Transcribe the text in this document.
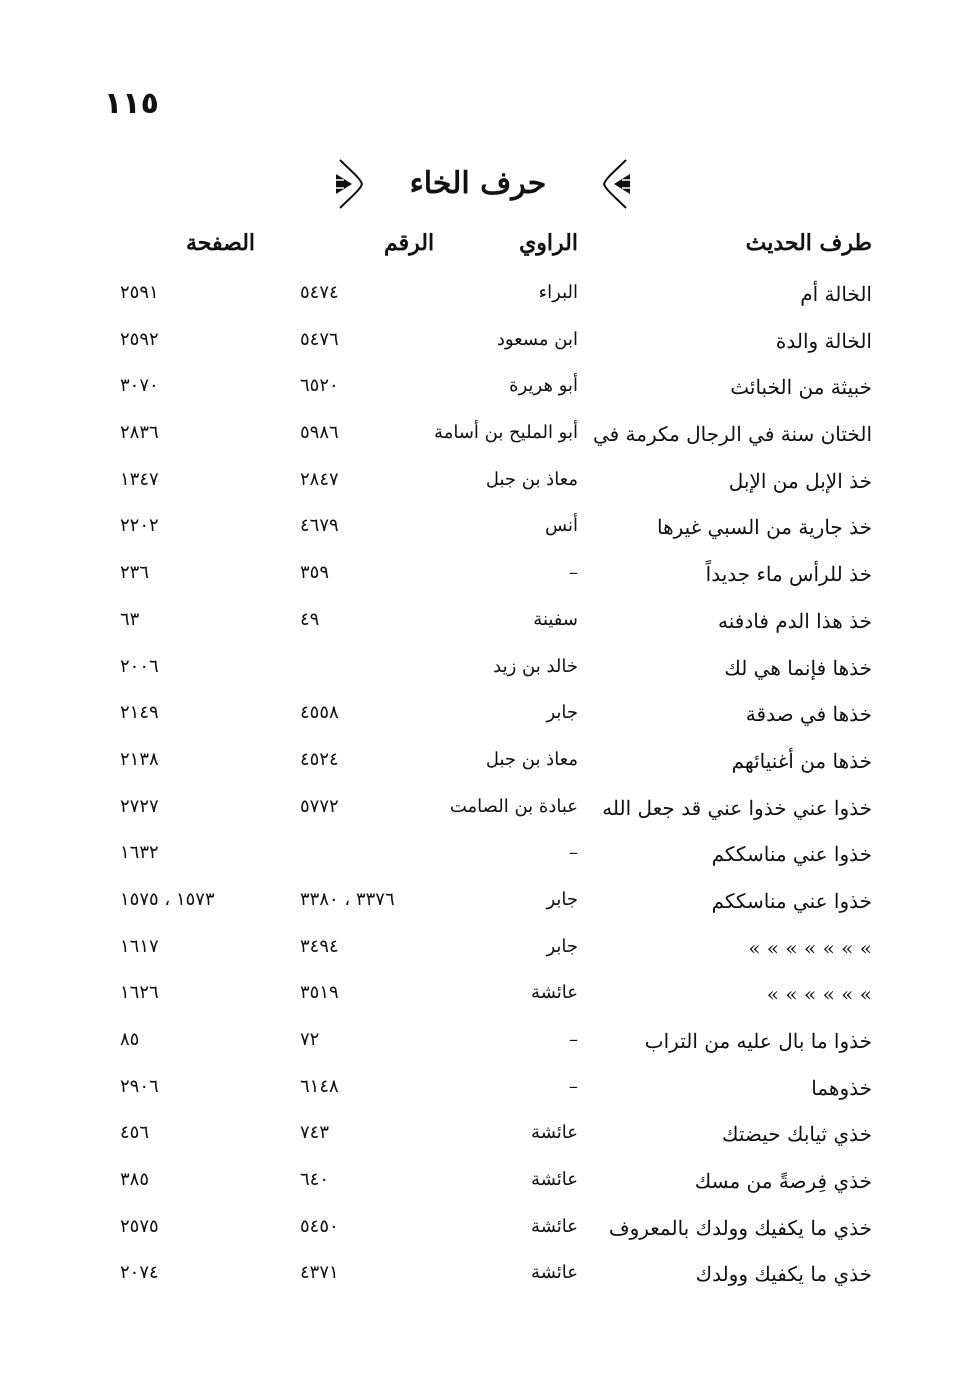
١١٥
حرف الخاء
طرف الحديث
الراوي
الرقم
الصفحة
الخالة أم
البراء
٥٤٧٤
٢٥٩١
الخالة والدة
ابن مسعود
٥٤٧٦
٢٥٩٢
خبيثة من الخبائث
أبو هريرة
٦٥٢٠
٣٠٧٠
الختان سنة في الرجال مكرمة في
أبو المليح بن أسامة
٥٩٨٦
٢٨٣٦
خذ الإبل من الإبل
معاذ بن جبل
٢٨٤٧
١٣٤٧
خذ جارية من السبي غيرها
أنس
٤٦٧٩
٢٢٠٢
خذ للرأس ماء جديداً
–
٣٥٩
٢٣٦
خذ هذا الدم فادفنه
سفينة
٤٩
٦٣
خذها فإنما هي لك
خالد بن زيد
٢٠٠٦
خذها في صدقة
جابر
٤٥٥٨
٢١٤٩
خذها من أغنيائهم
معاذ بن جبل
٤٥٢٤
٢١٣٨
خذوا عني خذوا عني قد جعل الله
عبادة بن الصامت
٥٧٧٢
٢٧٢٧
خذوا عني مناسككم
–
١٦٣٢
خذوا عني مناسككم
جابر
٣٣٧٦ ، ٣٣٨٠
١٥٧٣ ، ١٥٧٥
» » » » » » »
جابر
٣٤٩٤
١٦١٧
» » » » » »
عائشة
٣٥١٩
١٦٢٦
خذوا ما بال عليه من التراب
–
٧٢
٨٥
خذوهما
–
٦١٤٨
٢٩٠٦
خذي ثيابك حيضتك
عائشة
٧٤٣
٤٥٦
خذي فِرصةً من مسك
عائشة
٦٤٠
٣٨٥
خذي ما يكفيك وولدك بالمعروف
عائشة
٥٤٥٠
٢٥٧٥
خذي ما يكفيك وولدك
عائشة
٤٣٧١
٢٠٧٤
